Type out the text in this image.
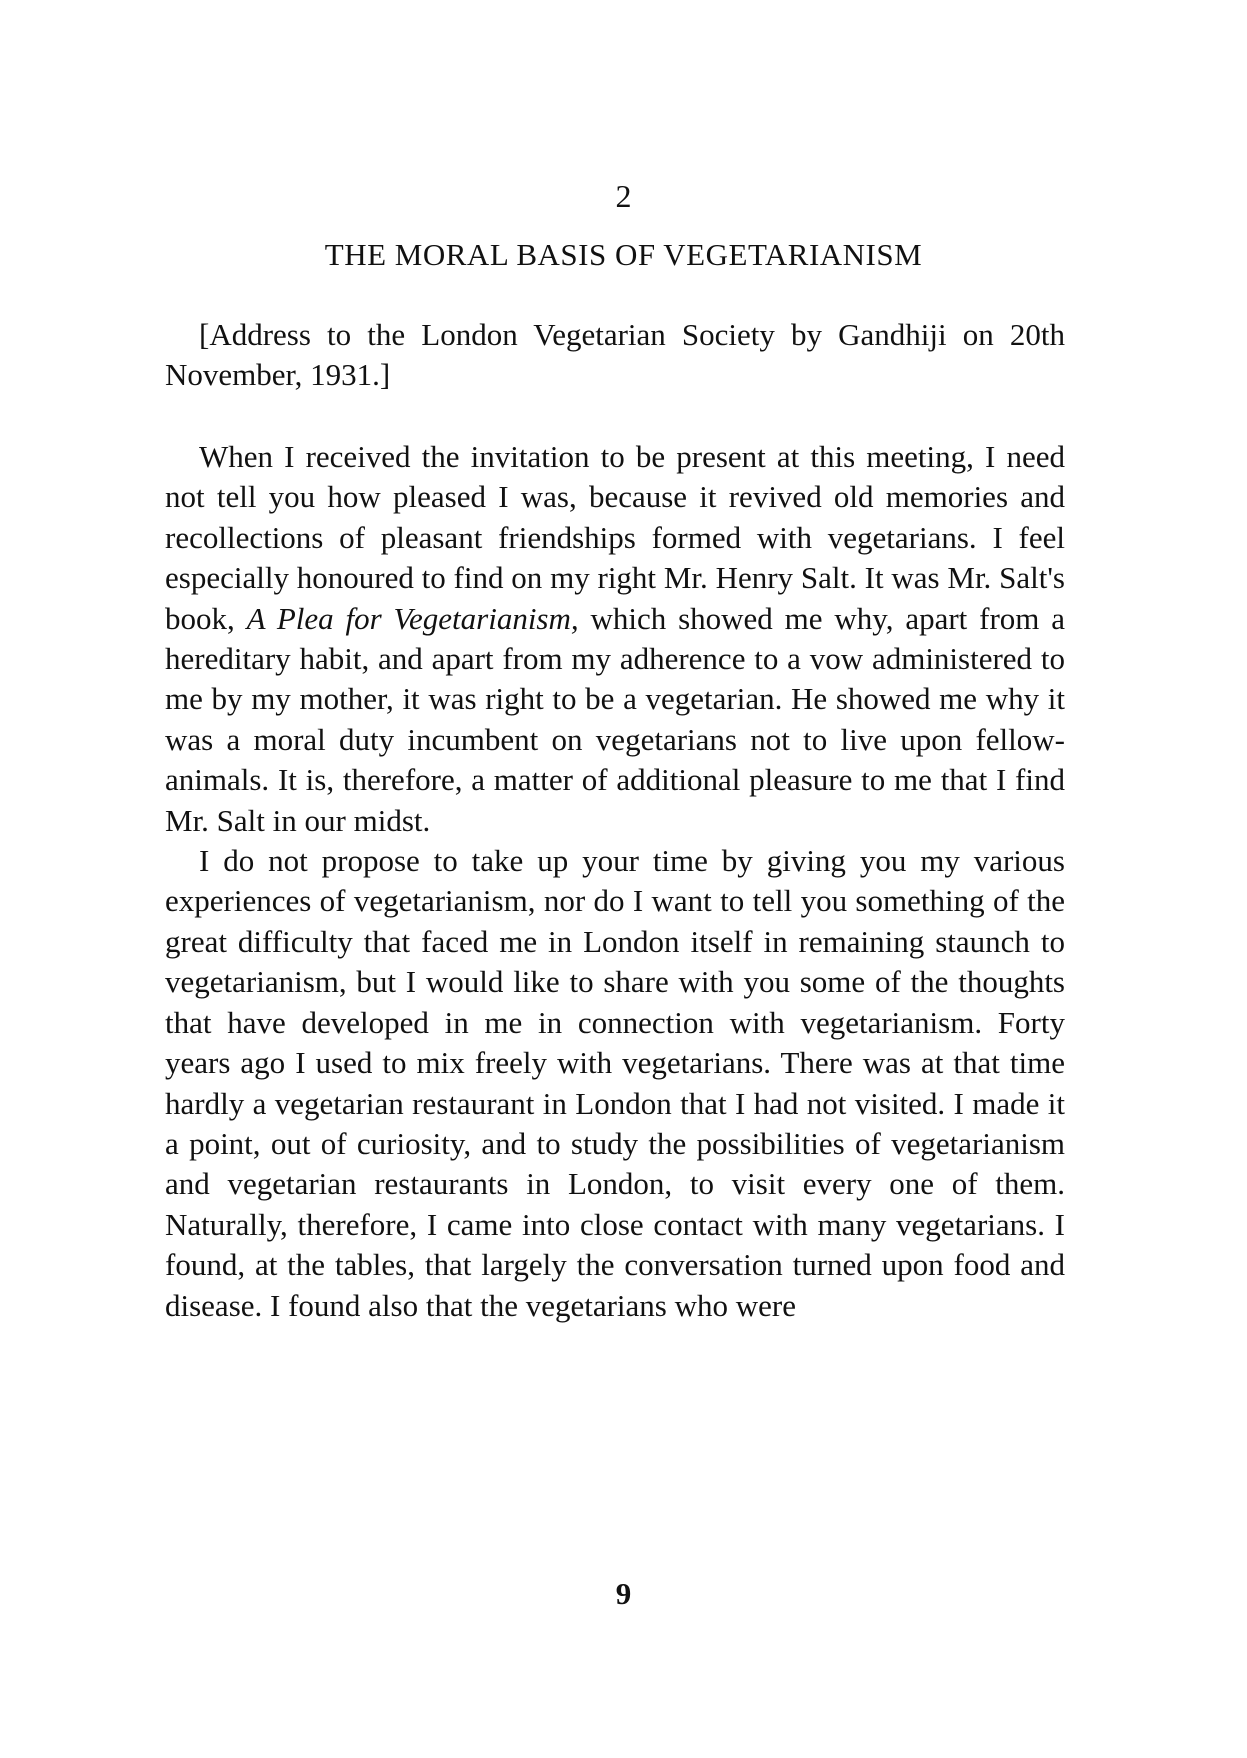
2
THE MORAL BASIS OF VEGETARIANISM

[Address to the London Vegetarian Society by Gandhiji on 20th November, 1931.]

When I received the invitation to be present at this meeting, I need not tell you how pleased I was, because it revived old memories and recollections of pleasant friendships formed with vegetarians. I feel especially honoured to find on my right Mr. Henry Salt. It was Mr. Salt's book, A Plea for Vegetarianism, which showed me why, apart from a hereditary habit, and apart from my adherence to a vow administered to me by my mother, it was right to be a vegetarian. He showed me why it was a moral duty incumbent on vegetarians not to live upon fellow-animals. It is, therefore, a matter of additional pleasure to me that I find Mr. Salt in our midst.

I do not propose to take up your time by giving you my various experiences of vegetarianism, nor do I want to tell you something of the great difficulty that faced me in London itself in remaining staunch to vegetarianism, but I would like to share with you some of the thoughts that have developed in me in connection with vegetarianism. Forty years ago I used to mix freely with vegetarians. There was at that time hardly a vegetarian restaurant in London that I had not visited. I made it a point, out of curiosity, and to study the possibilities of vegetarianism and vegetarian restaurants in London, to visit every one of them. Naturally, therefore, I came into close contact with many vegetarians. I found, at the tables, that largely the conversation turned upon food and disease. I found also that the vegetarians who were

9
